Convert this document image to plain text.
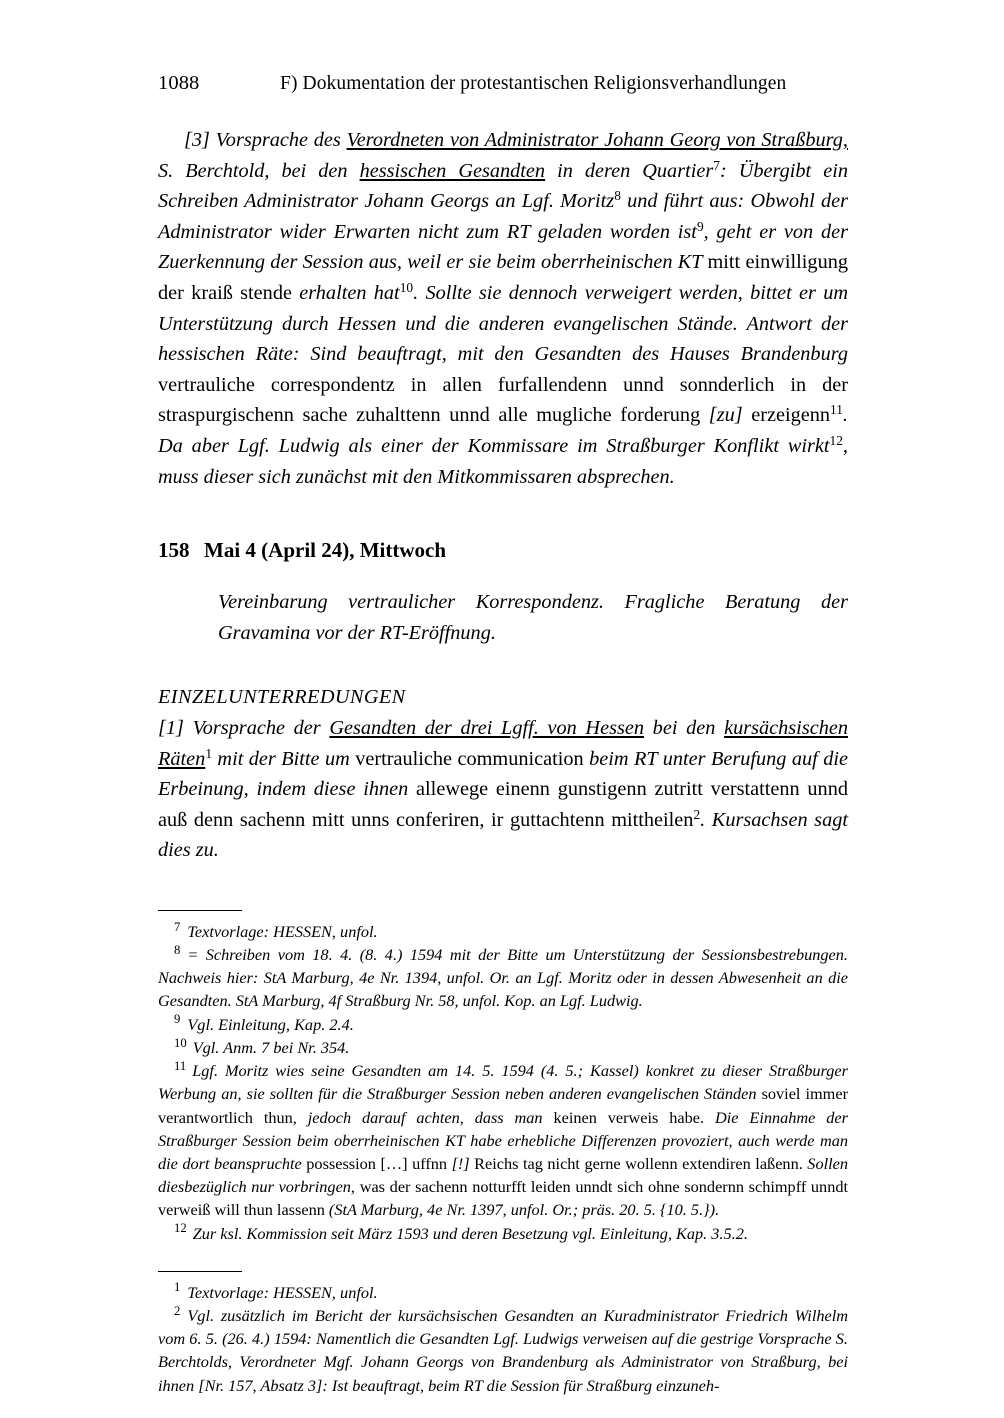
1088	F) Dokumentation der protestantischen Religionsverhandlungen

[3] Vorsprache des Verordneten von Administrator Johann Georg von Straßburg, S. Berchtold, bei den hessischen Gesandten in deren Quartier$^7$: Übergibt ein Schreiben Administrator Johann Georgs an Lgf. Moritz$^8$ und führt aus: Obwohl der Administrator wider Erwarten nicht zum RT geladen worden ist$^9$, geht er von der Zuerkennung der Session aus, weil er sie beim oberrheinischen KT mitt einwilligung der kraiß stende erhalten hat$^{10}$. Sollte sie dennoch verweigert werden, bittet er um Unterstützung durch Hessen und die anderen evangelischen Stände. Antwort der hessischen Räte: Sind beauftragt, mit den Gesandten des Hauses Brandenburg vertrauliche correspondentz in allen furfallendenn unnd sonnderlich in der straspurgischenn sache zuhalttenn unnd alle mugliche forderung [zu] erzeigenn$^{11}$. Da aber Lgf. Ludwig als einer der Kommissare im Straßburger Konflikt wirkt$^{12}$, muss dieser sich zunächst mit den Mitkommissaren absprechen.

158 Mai 4 (April 24), Mittwoch
Vereinbarung vertraulicher Korrespondenz. Fragliche Beratung der Gravamina vor der RT-Eröffnung.
EINZELUNTERREDUNGEN

[1] Vorsprache der Gesandten der drei Lgff. von Hessen bei den kursächsischen Räten$^1$ mit der Bitte um vertrauliche communication beim RT unter Berufung auf die Erbeinung, indem diese ihnen allewege einenn gunstigenn zutritt verstattenn unnd auß denn sachenn mitt unns conferiren, ir guttachtenn mittheilen$^2$. Kursachsen sagt dies zu.

$^7$ Textvorlage: HESSEN, unfol.

$^8$ = Schreiben vom 18. 4. (8. 4.) 1594 mit der Bitte um Unterstützung der Sessionsbestrebungen. Nachweis hier: StA Marburg, 4e Nr. 1394, unfol. Or. an Lgf. Moritz oder in dessen Abwesenheit an die Gesandten. StA Marburg, 4f Straßburg Nr. 58, unfol. Kop. an Lgf. Ludwig.

$^9$ Vgl. Einleitung, Kap. 2.4.

$^{10}$ Vgl. Anm. 7 bei Nr. 354.

$^{11}$ Lgf. Moritz wies seine Gesandten am 14. 5. 1594 (4. 5.; Kassel) konkret zu dieser Straßburger Werbung an, sie sollten für die Straßburger Session neben anderen evangelischen Ständen soviel immer verantwortlich thun, jedoch darauf achten, dass man keinen verweis habe. Die Einnahme der Straßburger Session beim oberrheinischen KT habe erhebliche Differenzen provoziert, auch werde man die dort beanspruchte possession […] uffnn [!] Reichs tag nicht gerne wollenn extendiren laßenn. Sollen diesbezüglich nur vorbringen, was der sachenn notturfft leiden unndt sich ohne sondernn schimpff unndt verweiß will thun lassenn (StA Marburg, 4e Nr. 1397, unfol. Or.; präs. 20. 5. {10. 5.}).

$^{12}$ Zur ksl. Kommission seit März 1593 und deren Besetzung vgl. Einleitung, Kap. 3.5.2.

$^1$ Textvorlage: HESSEN, unfol.

$^2$ Vgl. zusätzlich im Bericht der kursächsischen Gesandten an Kuradministrator Friedrich Wilhelm vom 6. 5. (26. 4.) 1594: Namentlich die Gesandten Lgf. Ludwigs verweisen auf die gestrige Vorsprache S. Berchtolds, Verordneter Mgf. Johann Georgs von Brandenburg als Administrator von Straßburg, bei ihnen [Nr. 157, Absatz 3]: Ist beauftragt, beim RT die Session für Straßburg einzuneh-
